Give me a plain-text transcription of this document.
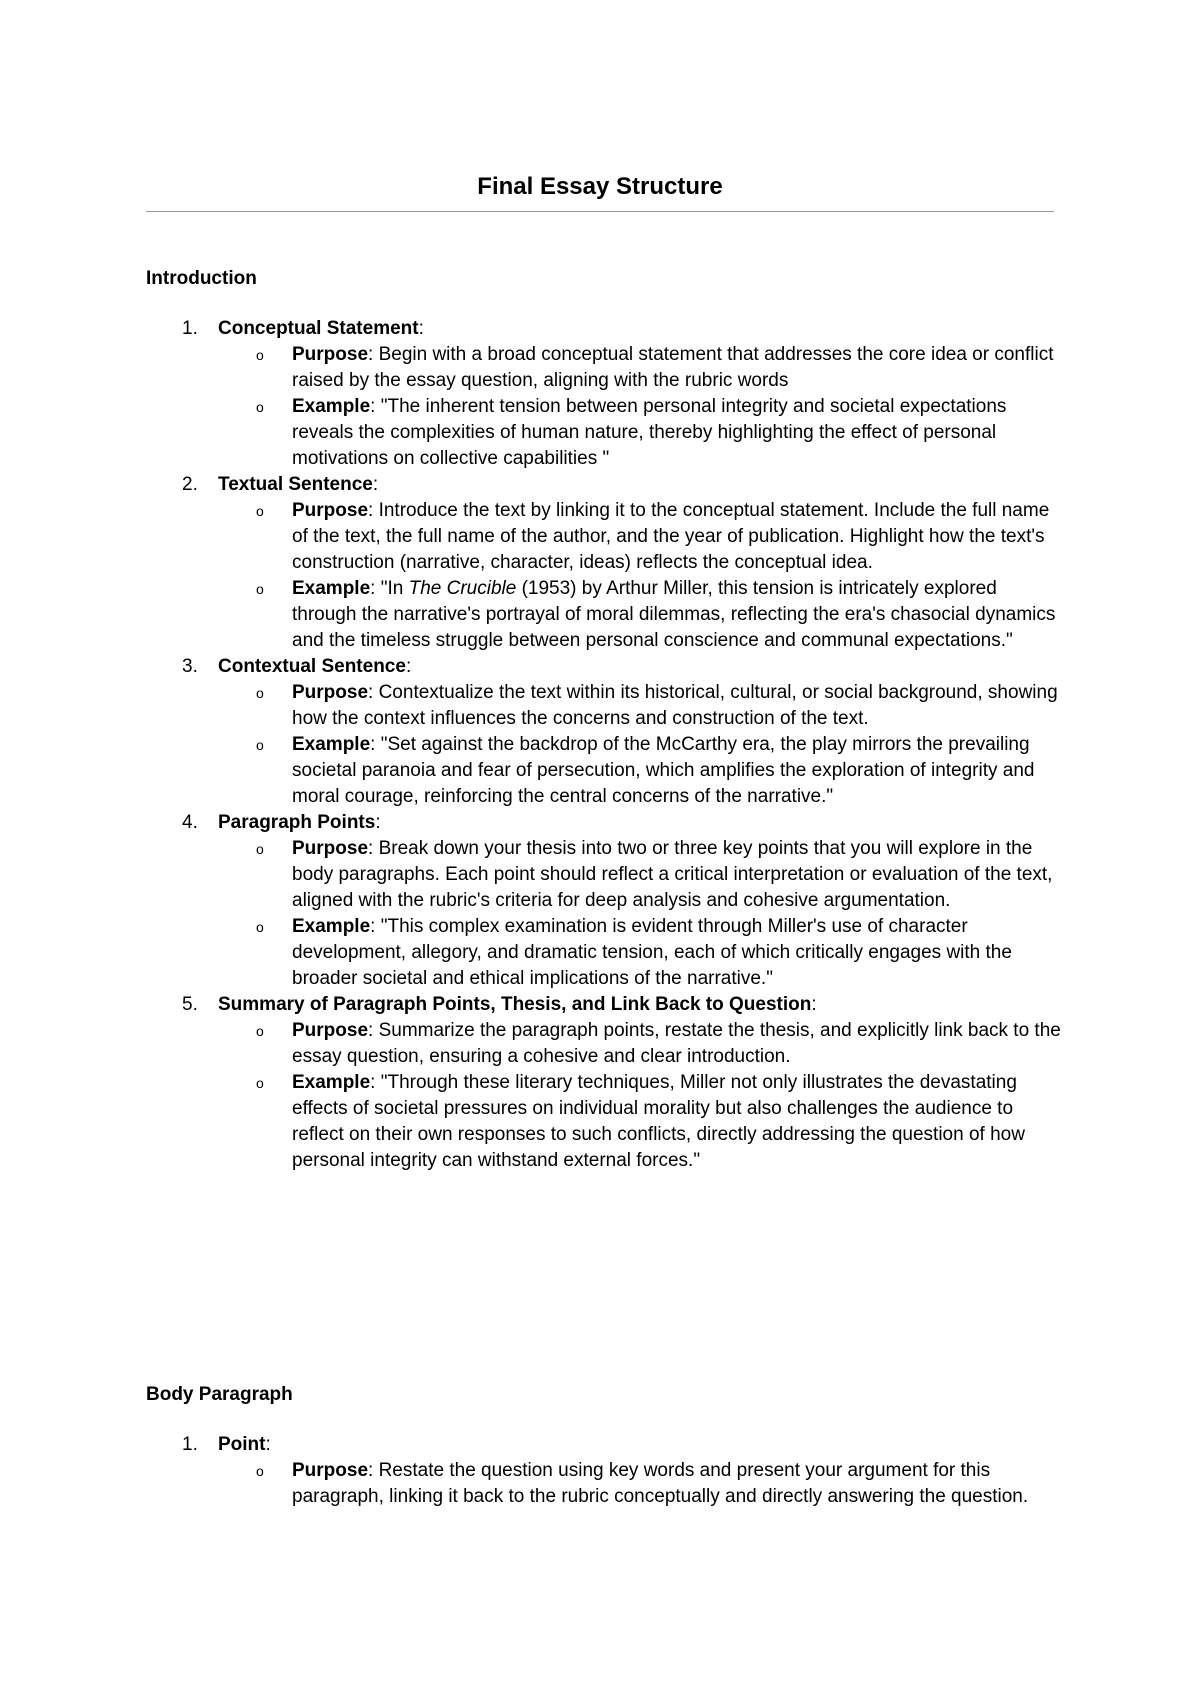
Final Essay Structure
Introduction
1. Conceptual Statement:
o Purpose: Begin with a broad conceptual statement that addresses the core idea or conflict raised by the essay question, aligning with the rubric words
o Example: "The inherent tension between personal integrity and societal expectations reveals the complexities of human nature, thereby highlighting the effect of personal motivations on collective capabilities "
2. Textual Sentence:
o Purpose: Introduce the text by linking it to the conceptual statement. Include the full name of the text, the full name of the author, and the year of publication. Highlight how the text's construction (narrative, character, ideas) reflects the conceptual idea.
o Example: "In The Crucible (1953) by Arthur Miller, this tension is intricately explored through the narrative's portrayal of moral dilemmas, reflecting the era's chasocial dynamics and the timeless struggle between personal conscience and communal expectations."
3. Contextual Sentence:
o Purpose: Contextualize the text within its historical, cultural, or social background, showing how the context influences the concerns and construction of the text.
o Example: "Set against the backdrop of the McCarthy era, the play mirrors the prevailing societal paranoia and fear of persecution, which amplifies the exploration of integrity and moral courage, reinforcing the central concerns of the narrative."
4. Paragraph Points:
o Purpose: Break down your thesis into two or three key points that you will explore in the body paragraphs. Each point should reflect a critical interpretation or evaluation of the text, aligned with the rubric's criteria for deep analysis and cohesive argumentation.
o Example: "This complex examination is evident through Miller's use of character development, allegory, and dramatic tension, each of which critically engages with the broader societal and ethical implications of the narrative."
5. Summary of Paragraph Points, Thesis, and Link Back to Question:
o Purpose: Summarize the paragraph points, restate the thesis, and explicitly link back to the essay question, ensuring a cohesive and clear introduction.
o Example: "Through these literary techniques, Miller not only illustrates the devastating effects of societal pressures on individual morality but also challenges the audience to reflect on their own responses to such conflicts, directly addressing the question of how personal integrity can withstand external forces."
Body Paragraph
1. Point:
o Purpose: Restate the question using key words and present your argument for this paragraph, linking it back to the rubric conceptually and directly answering the question.
